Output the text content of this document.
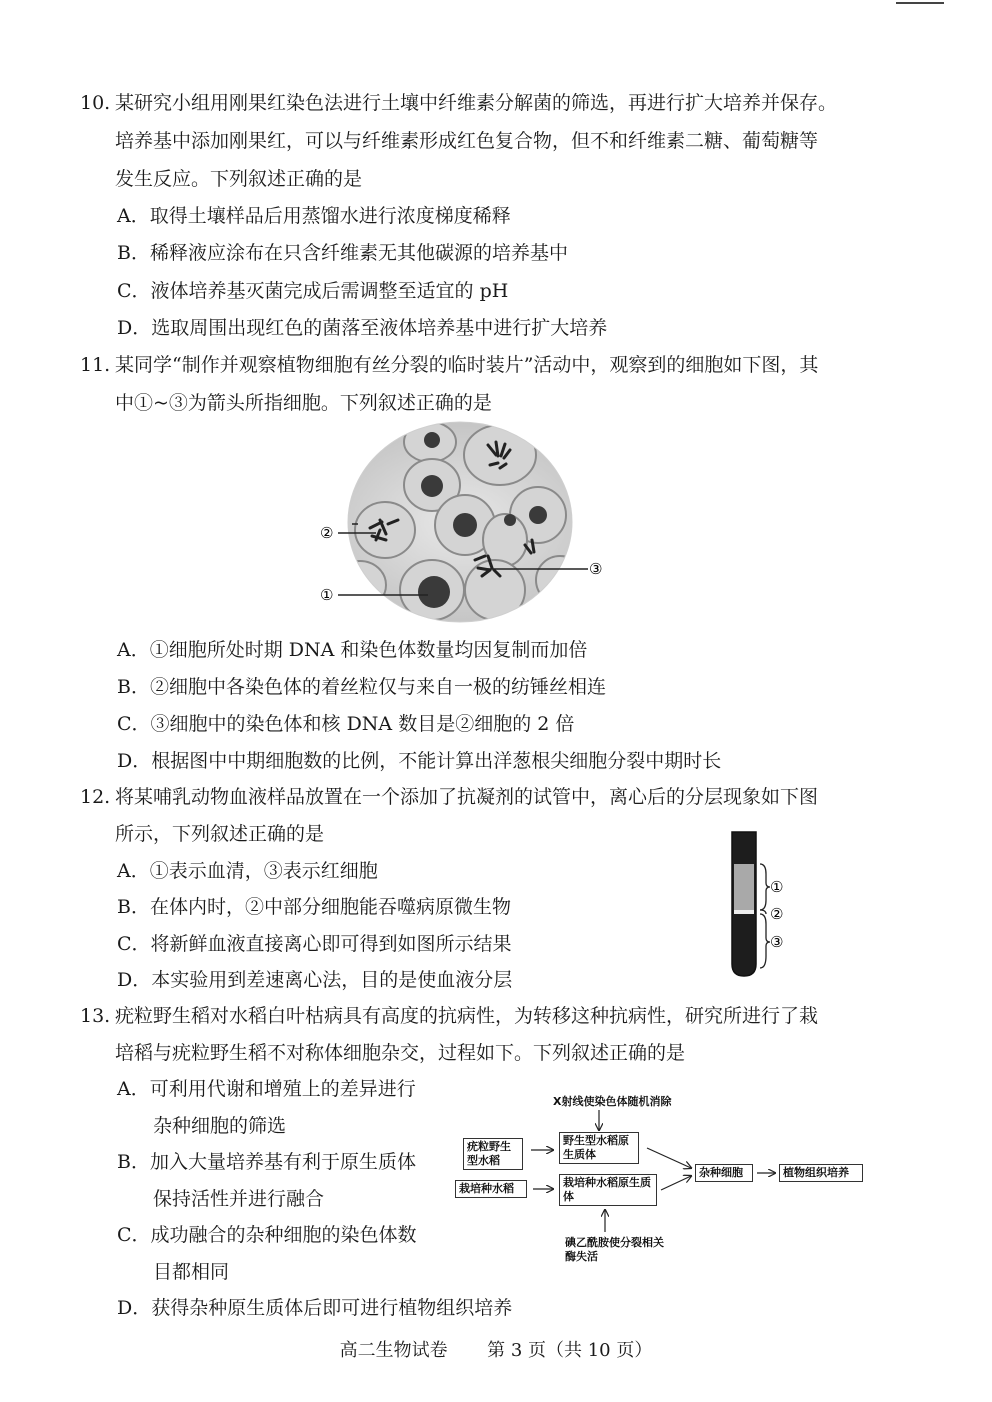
10. 某研究小组用刚果红染色法进行土壤中纤维素分解菌的筛选，再进行扩大培养并保存。
培养基中添加刚果红，可以与纤维素形成红色复合物，但不和纤维素二糖、葡萄糖等
发生反应。下列叙述正确的是
A．取得土壤样品后用蒸馏水进行浓度梯度稀释
B．稀释液应涂布在只含纤维素无其他碳源的培养基中
C．液体培养基灭菌完成后需调整至适宜的 pH
D．选取周围出现红色的菌落至液体培养基中进行扩大培养
11. 某同学“制作并观察植物细胞有丝分裂的临时装片”活动中，观察到的细胞如下图，其
中①~③为箭头所指细胞。下列叙述正确的是
②
①
③
A．①细胞所处时期 DNA 和染色体数量均因复制而加倍
B．②细胞中各染色体的着丝粒仅与来自一极的纺锤丝相连
C．③细胞中的染色体和核 DNA 数目是②细胞的 2 倍
D．根据图中中期细胞数的比例，不能计算出洋葱根尖细胞分裂中期时长
12. 将某哺乳动物血液样品放置在一个添加了抗凝剂的试管中，离心后的分层现象如下图
所示，下列叙述正确的是
A．①表示血清，③表示红细胞
B．在体内时，②中部分细胞能吞噬病原微生物
C．将新鲜血液直接离心即可得到如图所示结果
D．本实验用到差速离心法，目的是使血液分层
①
②
③
13. 疣粒野生稻对水稻白叶枯病具有高度的抗病性，为转移这种抗病性，研究所进行了栽
培稻与疣粒野生稻不对称体细胞杂交，过程如下。下列叙述正确的是
A．可利用代谢和增殖上的差异进行
杂种细胞的筛选
B．加入大量培养基有利于原生质体
保持活性并进行融合
C．成功融合的杂种细胞的染色体数
目都相同
D．获得杂种原生质体后即可进行植物组织培养
X射线使染色体随机消除
疣粒野生型水稻
栽培种水稻
野生型水稻原生质体
栽培种水稻原生质体
杂种细胞	植物组织培养
碘乙酰胺使分裂相关酶失活
高二生物试卷 第 3 页（共 10 页）
